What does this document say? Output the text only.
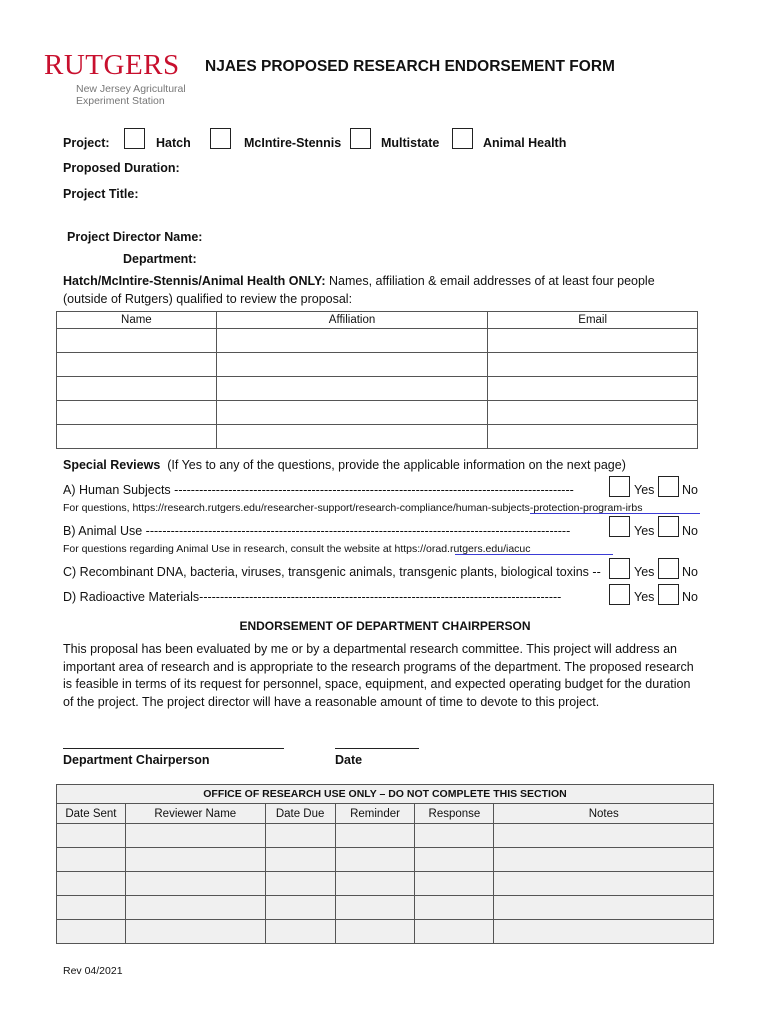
RUTGERS
New Jersey Agricultural
Experiment Station
NJAES PROPOSED RESEARCH ENDORSEMENT FORM
Project:	Hatch	McIntire-Stennis	Multistate	Animal Health
Proposed Duration:
Project Title:
Project Director Name:
Department:
Hatch/McIntire-Stennis/Animal Health ONLY: Names, affiliation & email addresses of at least four people
(outside of Rutgers) qualified to review the proposal:
Name	Affiliation	Email

Special Reviews (If Yes to any of the questions, provide the applicable information on the next page)
A) Human Subjects ------------------------------------------------------------------------------------------------	Yes No
For questions, https://research.rutgers.edu/researcher-support/research-compliance/human-subjects-protection-program-irbs
B) Animal Use ------------------------------------------------------------------------------------------------------	Yes No
For questions regarding Animal Use in research, consult the website at https://orad.rutgers.edu/iacuc
C) Recombinant DNA, bacteria, viruses, transgenic animals, transgenic plants, biological toxins --	Yes No
D) Radioactive Materials---------------------------------------------------------------------------------------	Yes No
ENDORSEMENT OF DEPARTMENT CHAIRPERSON
This proposal has been evaluated by me or by a departmental research committee. This project will address an important area of research and is appropriate to the research programs of the department. The proposed research is feasible in terms of its request for personnel, space, equipment, and expected operating budget for the duration of the project. The project director will have a reasonable amount of time to devote to this project.
Department Chairperson	Date
OFFICE OF RESEARCH USE ONLY – DO NOT COMPLETE THIS SECTION					
Date Sent	Reviewer Name	Date Due	Reminder	Response	Notes

Rev 04/2021
